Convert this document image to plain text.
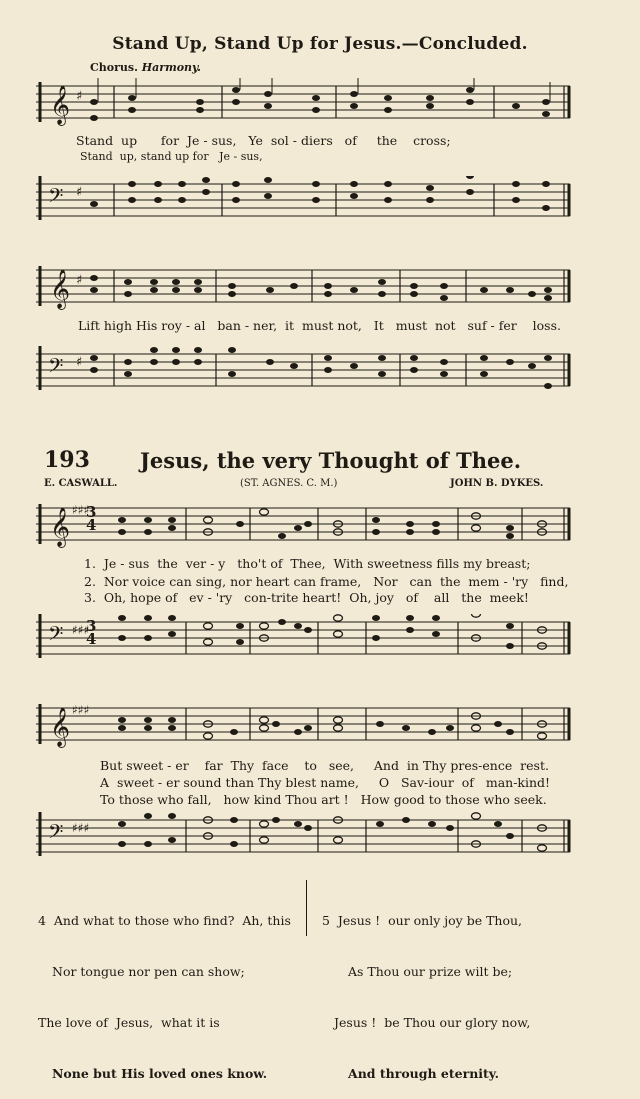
Stand Up, Stand Up for Jesus.—Concluded.
Chorus. Harmony.
𝄞 ♯
Stand  up      for  Je - sus,   Ye  sol - diers   of     the    cross;
Stand  up, stand up for   Je - sus,
𝄢 ♯
𝄞 ♯
Lift high His roy - al   ban - ner,  it  must not,   It   must  not   suf - fer    loss.
𝄢 ♯
193 Jesus, the very Thought of Thee.
E. CASWALL.	(ST. AGNES. C. M.)	JOHN B. DYKES.
𝄞 ♯♯♯
3
4
1.  Je - sus  the  ver - y   tho't of  Thee,  With sweetness fills my breast;
2.  Nor voice can sing, nor heart can frame,   Nor   can  the  mem - 'ry   find,
3.  Oh, hope of   ev - 'ry   con-trite heart!  Oh, joy   of    all   the  meek!
𝄢 ♯♯♯
3
4
𝄞 ♯♯♯
But sweet - er    far  Thy  face    to   see,     And  in Thy pres-ence  rest.
A  sweet - er sound than Thy blest name,     O   Sav-iour  of   man-kind!
To those who fall,   how kind Thou art !   How good to those who seek.
𝄢 ♯♯♯

4  And what to those who find?  Ah, this

Nor tongue nor pen can show;

The love of  Jesus,  what it is

None but His loved ones know.

5  Jesus !  our only joy be Thou,

As Thou our prize wilt be;

Jesus !  be Thou our glory now,

And through eternity.
